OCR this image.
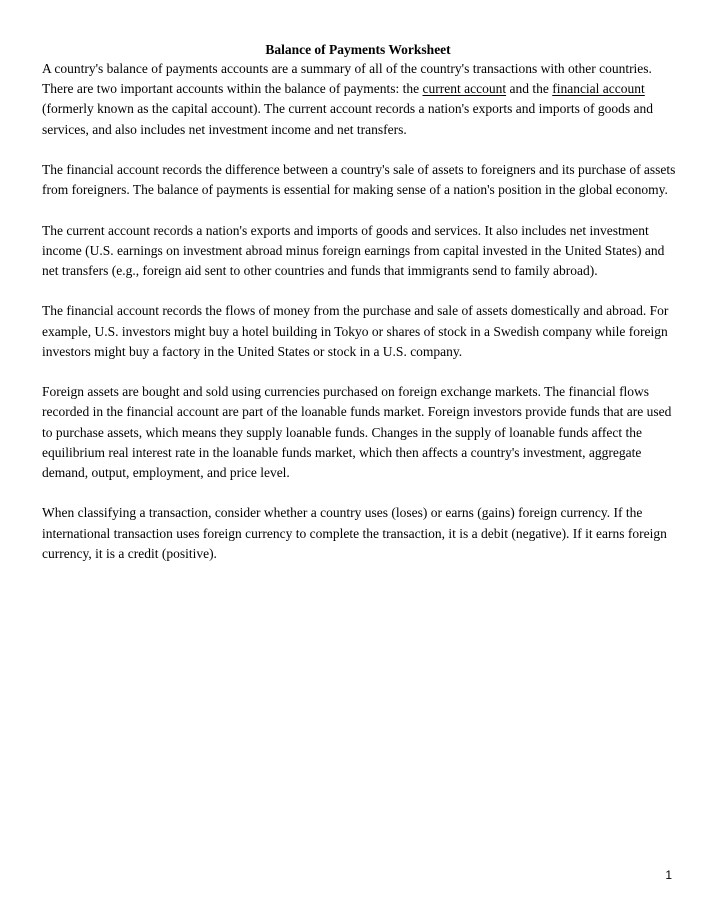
Balance of Payments Worksheet

A country's balance of payments accounts are a summary of all of the country's transactions with other countries. There are two important accounts within the balance of payments: the current account and the financial account (formerly known as the capital account). The current account records a nation's exports and imports of goods and services, and also includes net investment income and net transfers.

The financial account records the difference between a country's sale of assets to foreigners and its purchase of assets from foreigners. The balance of payments is essential for making sense of a nation's position in the global economy.

The current account records a nation's exports and imports of goods and services. It also includes net investment income (U.S. earnings on investment abroad minus foreign earnings from capital invested in the United States) and net transfers (e.g., foreign aid sent to other countries and funds that immigrants send to family abroad).

The financial account records the flows of money from the purchase and sale of assets domestically and abroad. For example, U.S. investors might buy a hotel building in Tokyo or shares of stock in a Swedish company while foreign investors might buy a factory in the United States or stock in a U.S. company.

Foreign assets are bought and sold using currencies purchased on foreign exchange markets. The financial flows recorded in the financial account are part of the loanable funds market. Foreign investors provide funds that are used to purchase assets, which means they supply loanable funds. Changes in the supply of loanable funds affect the equilibrium real interest rate in the loanable funds market, which then affects a country's investment, aggregate demand, output, employment, and price level.

When classifying a transaction, consider whether a country uses (loses) or earns (gains) foreign currency. If the international transaction uses foreign currency to complete the transaction, it is a debit (negative). If it earns foreign currency, it is a credit (positive).

1
